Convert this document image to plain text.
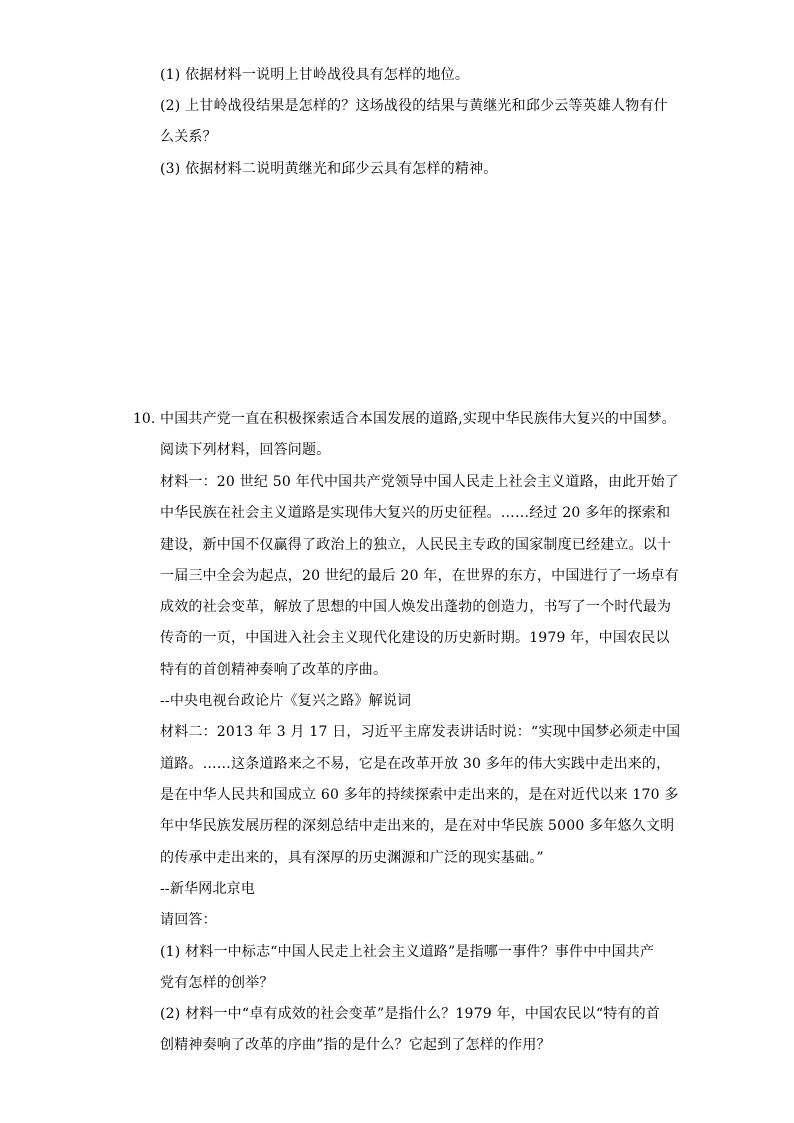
(1) 依据材料一说明上甘岭战役具有怎样的地位。
(2) 上甘岭战役结果是怎样的？这场战役的结果与黄继光和邱少云等英雄人物有什
么关系？
(3) 依据材料二说明黄继光和邱少云具有怎样的精神。
10. 中国共产党一直在积极探索适合本国发展的道路,实现中华民族伟大复兴的中国梦。
阅读下列材料，回答问题。
材料一：20 世纪 50 年代中国共产党领导中国人民走上社会主义道路，由此开始了
中华民族在社会主义道路是实现伟大复兴的历史征程。……经过 20 多年的探索和
建设，新中国不仅赢得了政治上的独立，人民民主专政的国家制度已经建立。以十
一届三中全会为起点，20 世纪的最后 20 年，在世界的东方，中国进行了一场卓有
成效的社会变革，解放了思想的中国人焕发出蓬勃的创造力，书写了一个时代最为
传奇的一页，中国进入社会主义现代化建设的历史新时期。1979 年，中国农民以
特有的首创精神奏响了改革的序曲。
--中央电视台政论片《复兴之路》解说词
材料二：2013 年 3 月 17 日，习近平主席发表讲话时说：“实现中国梦必须走中国
道路。……这条道路来之不易，它是在改革开放 30 多年的伟大实践中走出来的，
是在中华人民共和国成立 60 多年的持续探索中走出来的，是在对近代以来 170 多
年中华民族发展历程的深刻总结中走出来的，是在对中华民族 5000 多年悠久文明
的传承中走出来的，具有深厚的历史渊源和广泛的现实基础。”
--新华网北京电
请回答：
(1) 材料一中标志“中国人民走上社会主义道路”是指哪一事件？事件中中国共产
党有怎样的创举？
(2) 材料一中“卓有成效的社会变革”是指什么？1979 年，中国农民以“特有的首
创精神奏响了改革的序曲”指的是什么？它起到了怎样的作用？
